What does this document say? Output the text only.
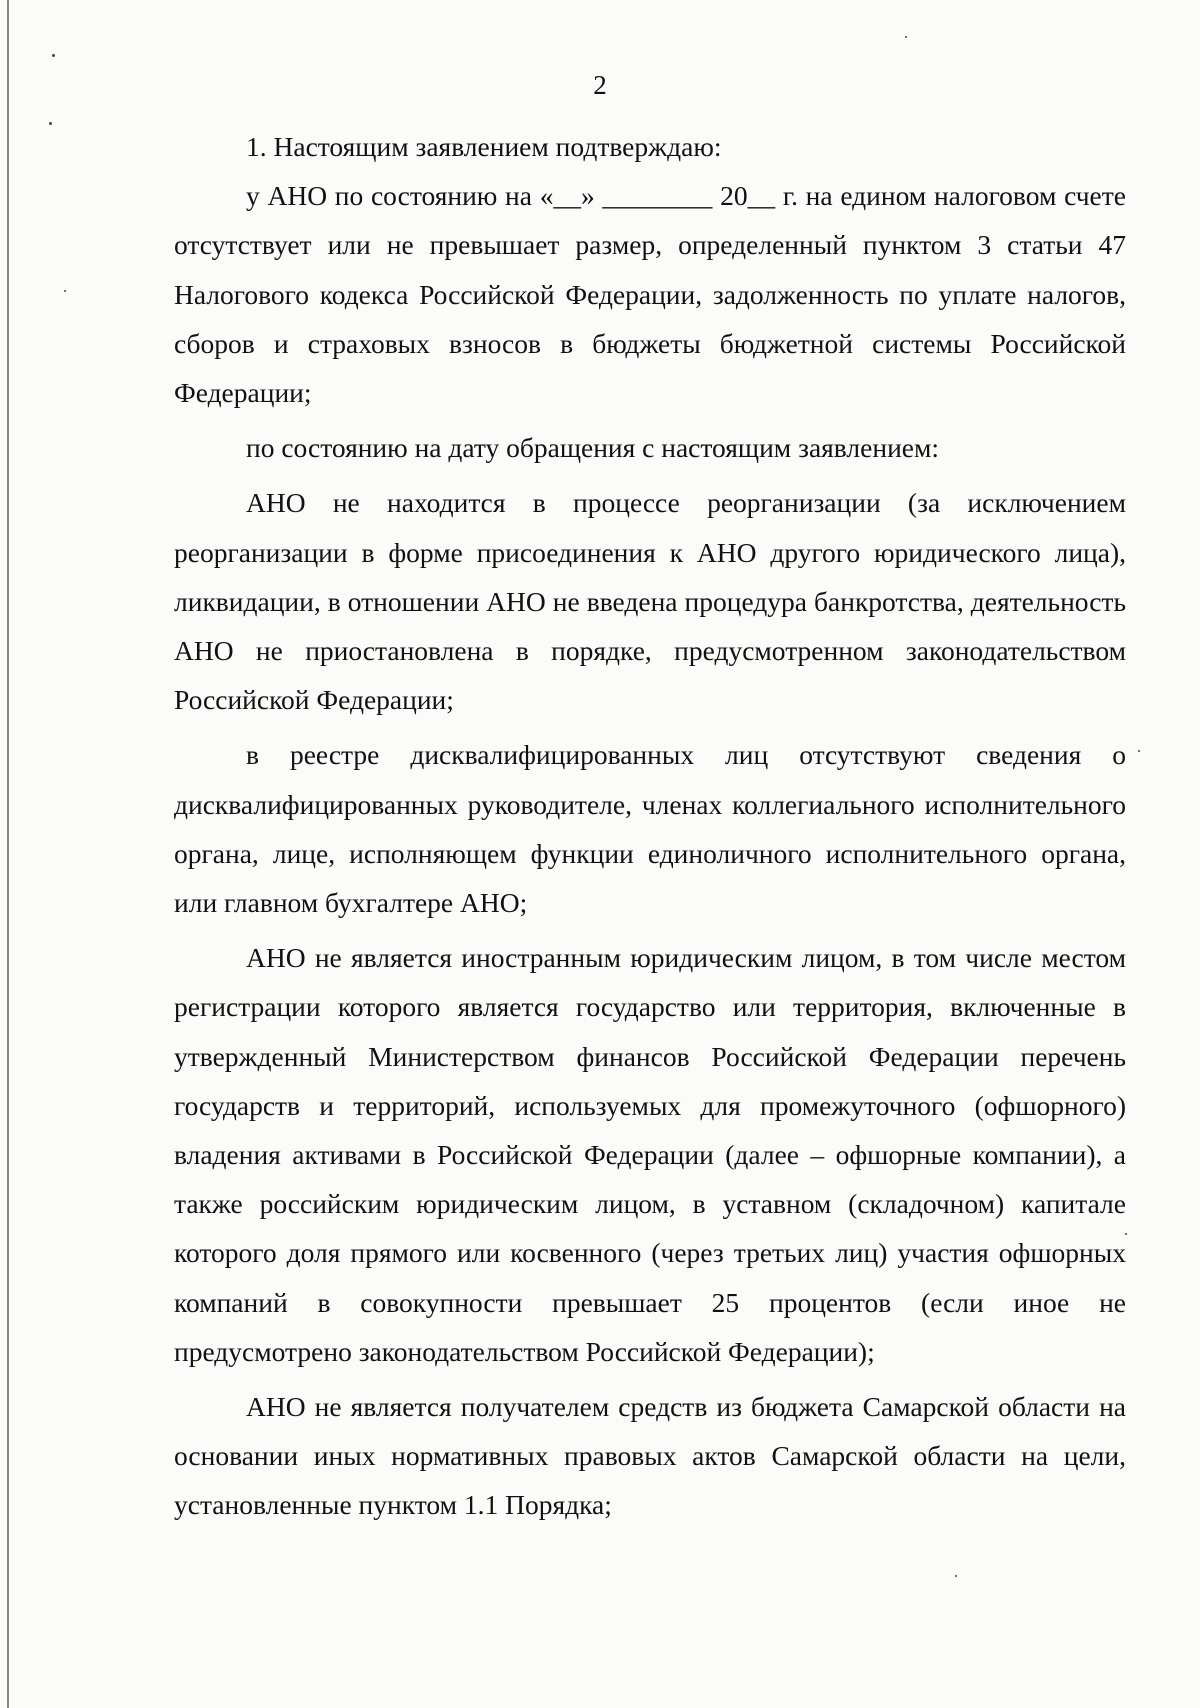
2

1. Настоящим заявлением подтверждаю:

у АНО по состоянию на «__» ________ 20__ г. на едином налоговом счете отсутствует или не превышает размер, определенный пунктом 3 статьи 47 Налогового кодекса Российской Федерации, задолженность по уплате налогов, сборов и страховых взносов в бюджеты бюджетной системы Российской Федерации;

по состоянию на дату обращения с настоящим заявлением:

АНО не находится в процессе реорганизации (за исключением реорганизации в форме присоединения к АНО другого юридического лица), ликвидации, в отношении АНО не введена процедура банкротства, деятельность АНО не приостановлена в порядке, предусмотренном законодательством Российской Федерации;

в реестре дисквалифицированных лиц отсутствуют сведения о дисквалифицированных руководителе, членах коллегиального исполнительного органа, лице, исполняющем функции единоличного исполнительного органа, или главном бухгалтере АНО;

АНО не является иностранным юридическим лицом, в том числе местом регистрации которого является государство или территория, включенные в утвержденный Министерством финансов Российской Федерации перечень государств и территорий, используемых для промежуточного (офшорного) владения активами в Российской Федерации (далее – офшорные компании), а также российским юридическим лицом, в уставном (складочном) капитале которого доля прямого или косвенного (через третьих лиц) участия офшорных компаний в совокупности превышает 25 процентов (если иное не предусмотрено законодательством Российской Федерации);

АНО не является получателем средств из бюджета Самарской области на основании иных нормативных правовых актов Самарской области на цели, установленные пунктом 1.1 Порядка;
